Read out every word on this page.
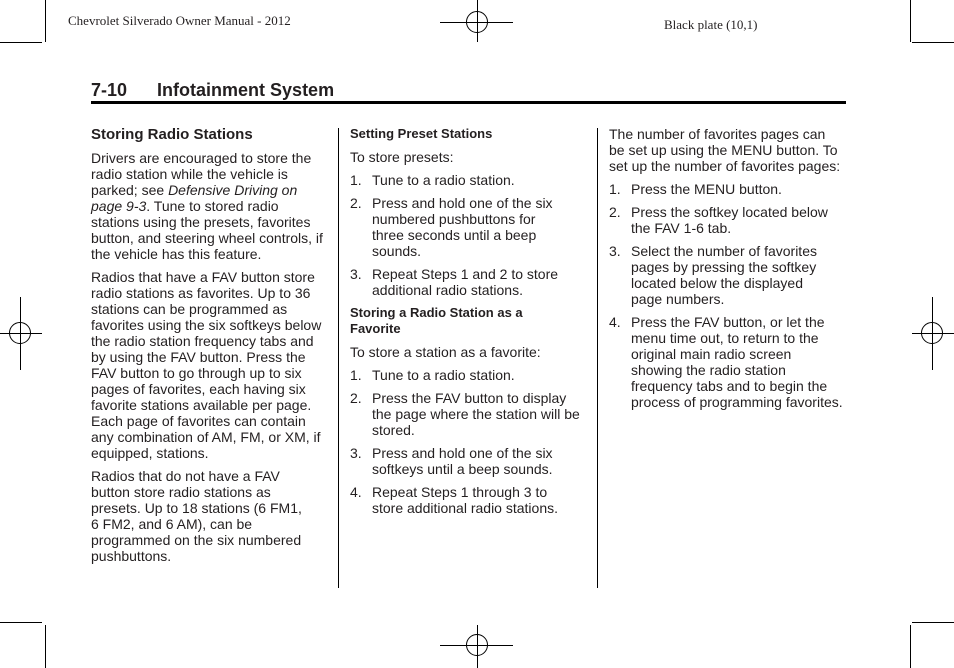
Chevrolet Silverado Owner Manual - 2012	Black plate (10,1)
7-10 Infotainment System
Storing Radio Stations

Drivers are encouraged to store the radio station while the vehicle is parked; see Defensive Driving on page 9-3. Tune to stored radio stations using the presets, favorites button, and steering wheel controls, if the vehicle has this feature.

Radios that have a FAV button store radio stations as favorites. Up to 36 stations can be programmed as favorites using the six softkeys below the radio station frequency tabs and by using the FAV button. Press the FAV button to go through up to six pages of favorites, each having six favorite stations available per page. Each page of favorites can contain any combination of AM, FM, or XM, if equipped, stations.

Radios that do not have a FAV button store radio stations as presets. Up to 18 stations (6 FM1, 6 FM2, and 6 AM), can be programmed on the six numbered pushbuttons.

Setting Preset Stations

To store presets:

1. Tune to a radio station.
2. Press and hold one of the six numbered pushbuttons for three seconds until a beep sounds.
3. Repeat Steps 1 and 2 to store additional radio stations.
Storing a Radio Station as a Favorite

To store a station as a favorite:

1. Tune to a radio station.
2. Press the FAV button to display the page where the station will be stored.
3. Press and hold one of the six softkeys until a beep sounds.
4. Repeat Steps 1 through 3 to store additional radio stations.

The number of favorites pages can be set up using the MENU button. To set up the number of favorites pages:

1. Press the MENU button.
2. Press the softkey located below the FAV 1-6 tab.
3. Select the number of favorites pages by pressing the softkey located below the displayed page numbers.
4. Press the FAV button, or let the menu time out, to return to the original main radio screen showing the radio station frequency tabs and to begin the process of programming favorites.
